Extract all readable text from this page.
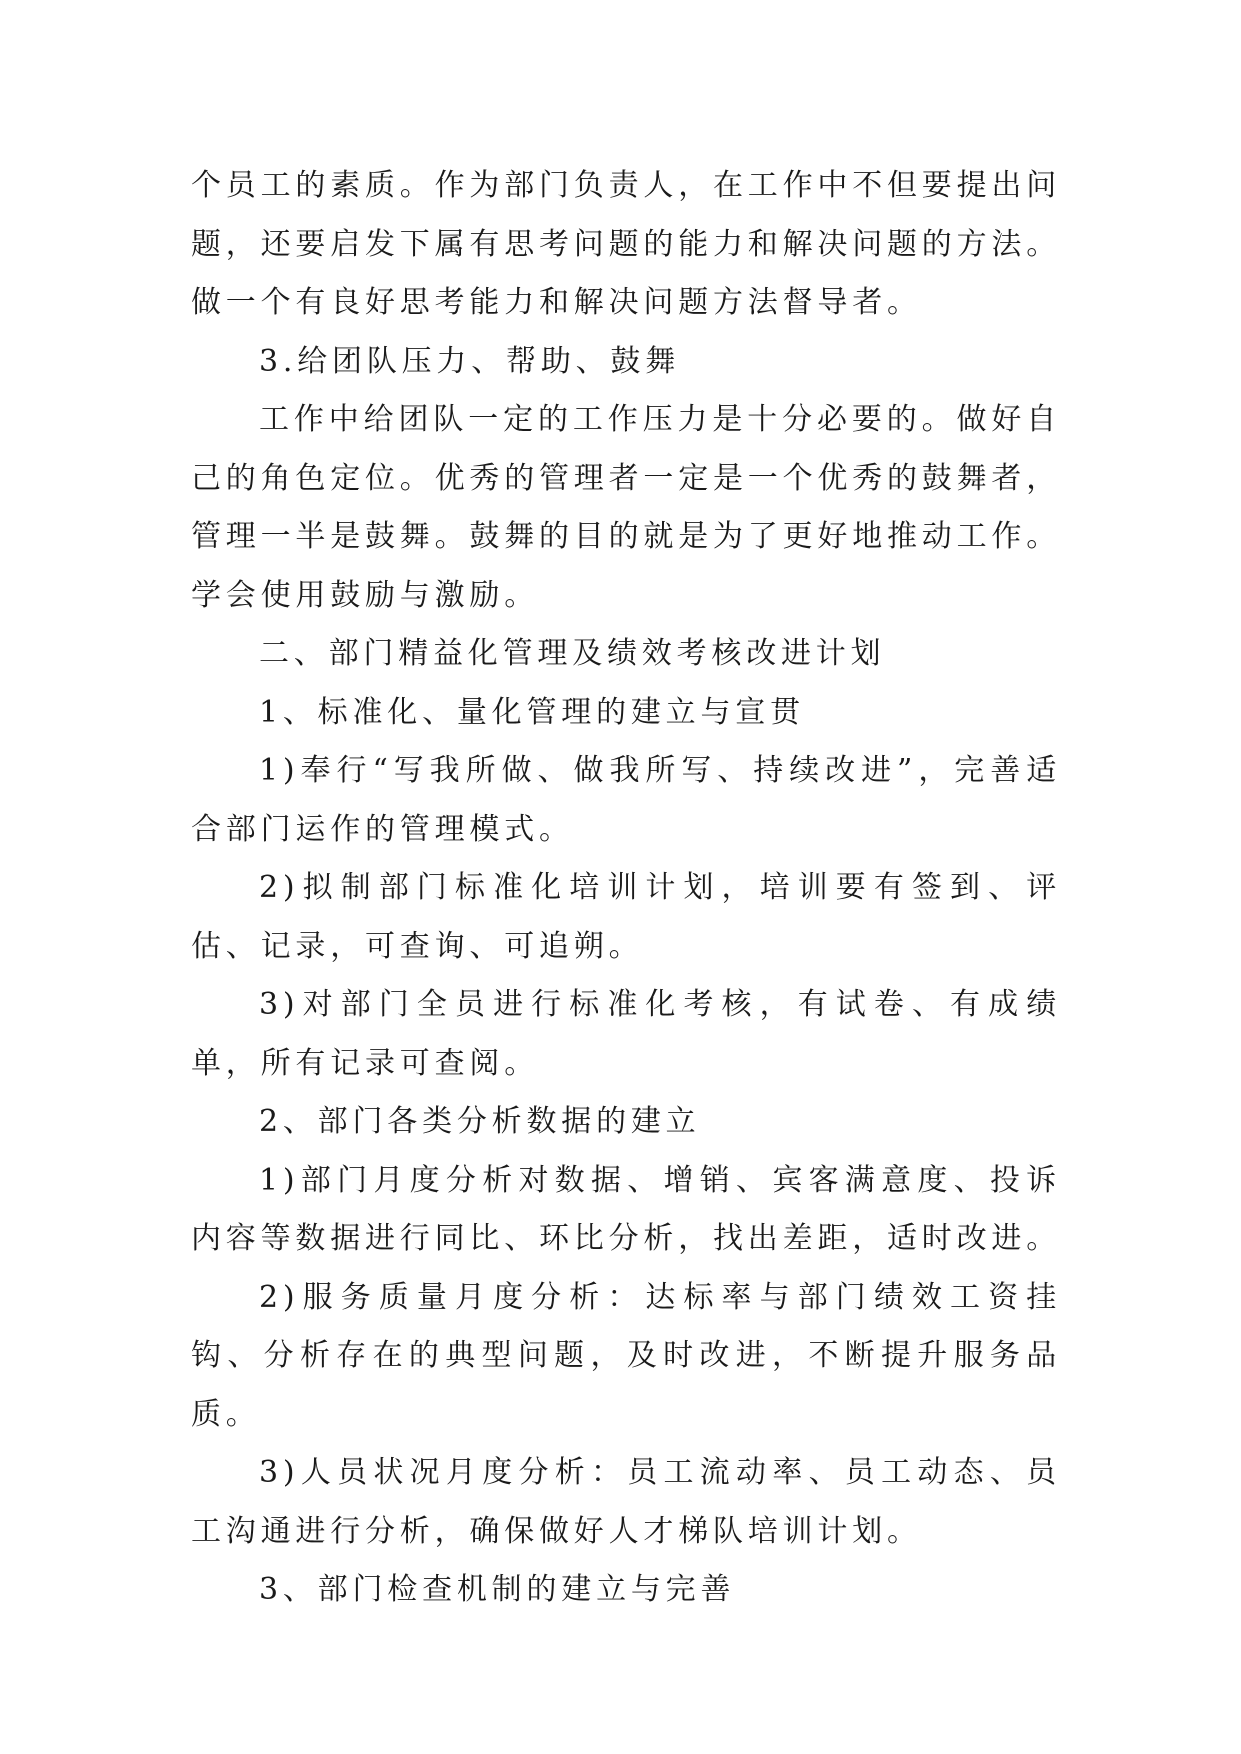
个员工的素质。作为部门负责人，在工作中不但要提出问题，还要启发下属有思考问题的能力和解决问题的方法。做一个有良好思考能力和解决问题方法督导者。

3.给团队压力、帮助、鼓舞

工作中给团队一定的工作压力是十分必要的。做好自己的角色定位。优秀的管理者一定是一个优秀的鼓舞者，管理一半是鼓舞。鼓舞的目的就是为了更好地推动工作。学会使用鼓励与激励。

二、部门精益化管理及绩效考核改进计划

1、标准化、量化管理的建立与宣贯

1)奉行“写我所做、做我所写、持续改进”，完善适合部门运作的管理模式。

2)拟制部门标准化培训计划，培训要有签到、评估、记录，可查询、可追朔。

3)对部门全员进行标准化考核，有试卷、有成绩单，所有记录可查阅。

2、部门各类分析数据的建立

1)部门月度分析对数据、增销、宾客满意度、投诉内容等数据进行同比、环比分析，找出差距，适时改进。

2)服务质量月度分析：达标率与部门绩效工资挂钩、分析存在的典型问题，及时改进，不断提升服务品质。

3)人员状况月度分析：员工流动率、员工动态、员工沟通进行分析，确保做好人才梯队培训计划。

3、部门检查机制的建立与完善
